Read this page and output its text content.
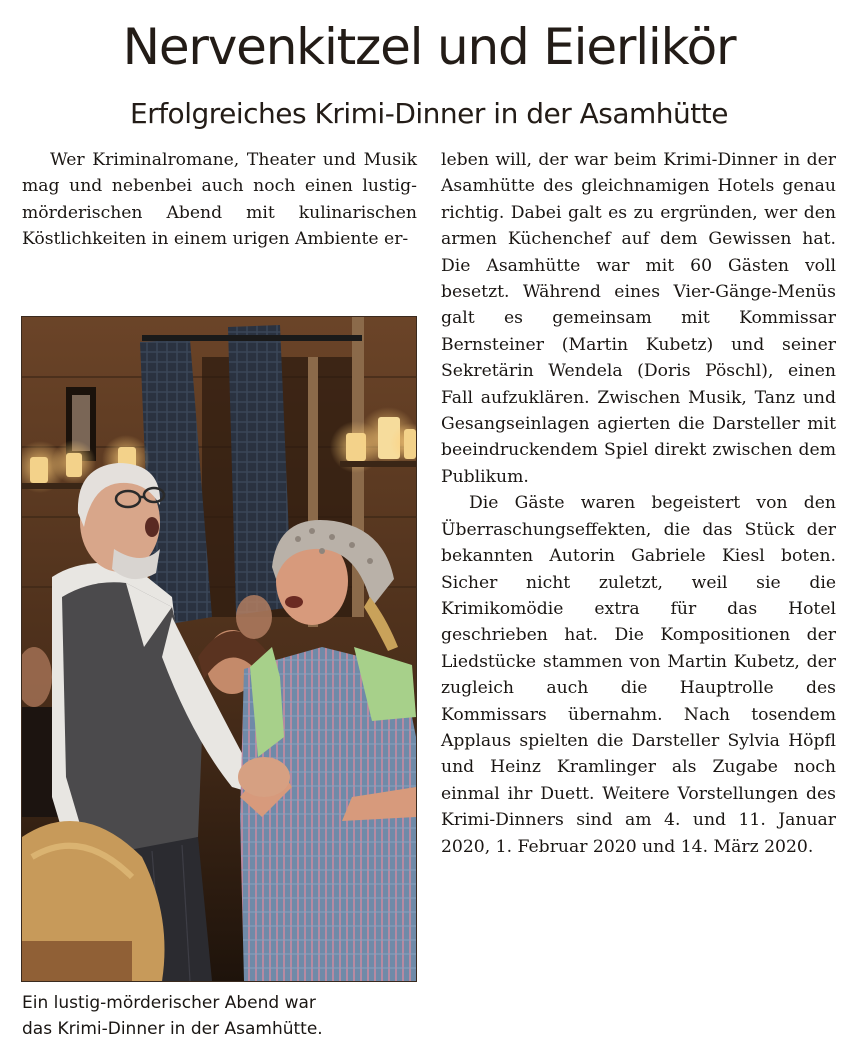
Nervenkitzel und Eierlikör
Erfolgreiches Krimi-Dinner in der Asamhütte

Wer Kriminalromane, Theater und Musik mag und nebenbei auch noch einen lustig-mörderischen Abend mit kulinarischen Köstlichkeiten in einem urigen Ambiente er-

Ein lustig-mörderischer Abend war
das Krimi-Dinner in der Asamhütte.

leben will, der war beim Krimi-Dinner in der Asamhütte des gleichnamigen Hotels genau richtig. Dabei galt es zu ergründen, wer den armen Küchenchef auf dem Gewissen hat. Die Asamhütte war mit 60 Gästen voll besetzt. Während eines Vier-Gänge-Menüs galt es gemeinsam mit Kommissar Bernsteiner (Martin Kubetz) und seiner Sekretärin Wendela (Doris Pöschl), einen Fall aufzuklären. Zwischen Musik, Tanz und Gesangseinlagen agierten die Darsteller mit beeindruckendem Spiel direkt zwischen dem Publikum.

Die Gäste waren begeistert von den Überraschungseffekten, die das Stück der bekannten Autorin Gabriele Kiesl boten. Sicher nicht zuletzt, weil sie die Krimikomödie extra für das Hotel geschrieben hat. Die Kompositionen der Liedstücke stammen von Martin Kubetz, der zugleich auch die Hauptrolle des Kommissars übernahm. Nach tosendem Applaus spielten die Darsteller Sylvia Höpfl und Heinz Kramlinger als Zugabe noch einmal ihr Duett. Weitere Vorstellungen des Krimi-Dinners sind am 4. und 11. Januar 2020, 1. Februar 2020 und 14. März 2020.
